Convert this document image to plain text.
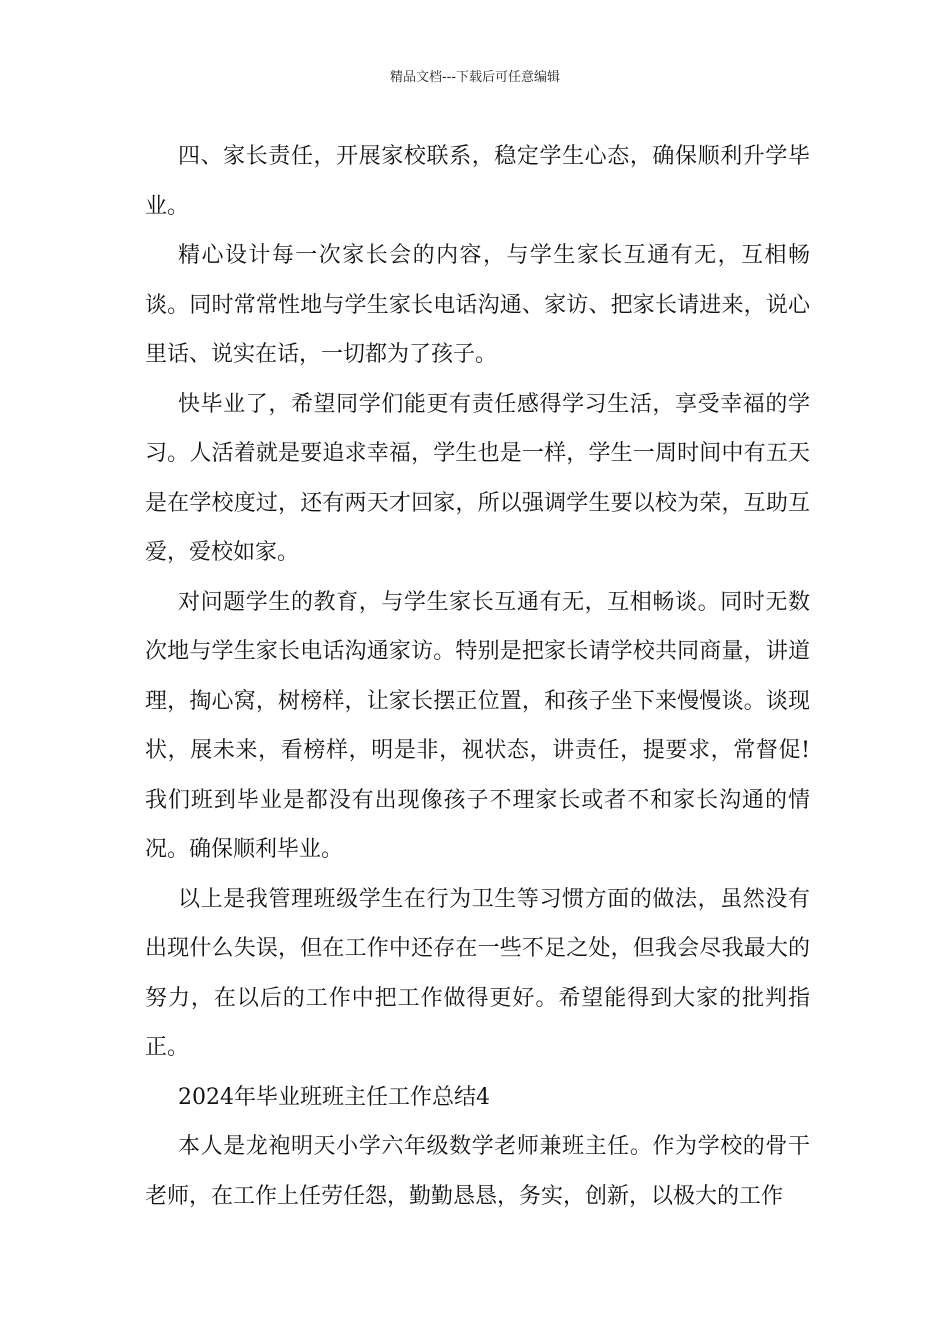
精品文档---下载后可任意编辑

四、家长责任，开展家校联系，稳定学生心态，确保顺利升学毕业。

精心设计每一次家长会的内容，与学生家长互通有无，互相畅谈。同时常常性地与学生家长电话沟通、家访、把家长请进来，说心里话、说实在话，一切都为了孩子。

快毕业了，希望同学们能更有责任感得学习生活，享受幸福的学习。人活着就是要追求幸福，学生也是一样，学生一周时间中有五天是在学校度过，还有两天才回家，所以强调学生要以校为荣，互助互爱，爱校如家。

对问题学生的教育，与学生家长互通有无，互相畅谈。同时无数次地与学生家长电话沟通家访。特别是把家长请学校共同商量，讲道理，掏心窝，树榜样，让家长摆正位置，和孩子坐下来慢慢谈。谈现状，展未来，看榜样，明是非，视状态，讲责任，提要求，常督促!我们班到毕业是都没有出现像孩子不理家长或者不和家长沟通的情况。确保顺利毕业。

以上是我管理班级学生在行为卫生等习惯方面的做法，虽然没有出现什么失误，但在工作中还存在一些不足之处，但我会尽我最大的努力，在以后的工作中把工作做得更好。希望能得到大家的批判指正。

2024年毕业班班主任工作总结4

本人是龙袍明天小学六年级数学老师兼班主任。作为学校的骨干老师，在工作上任劳任怨，勤勤恳恳，务实，创新，以极大的工作
